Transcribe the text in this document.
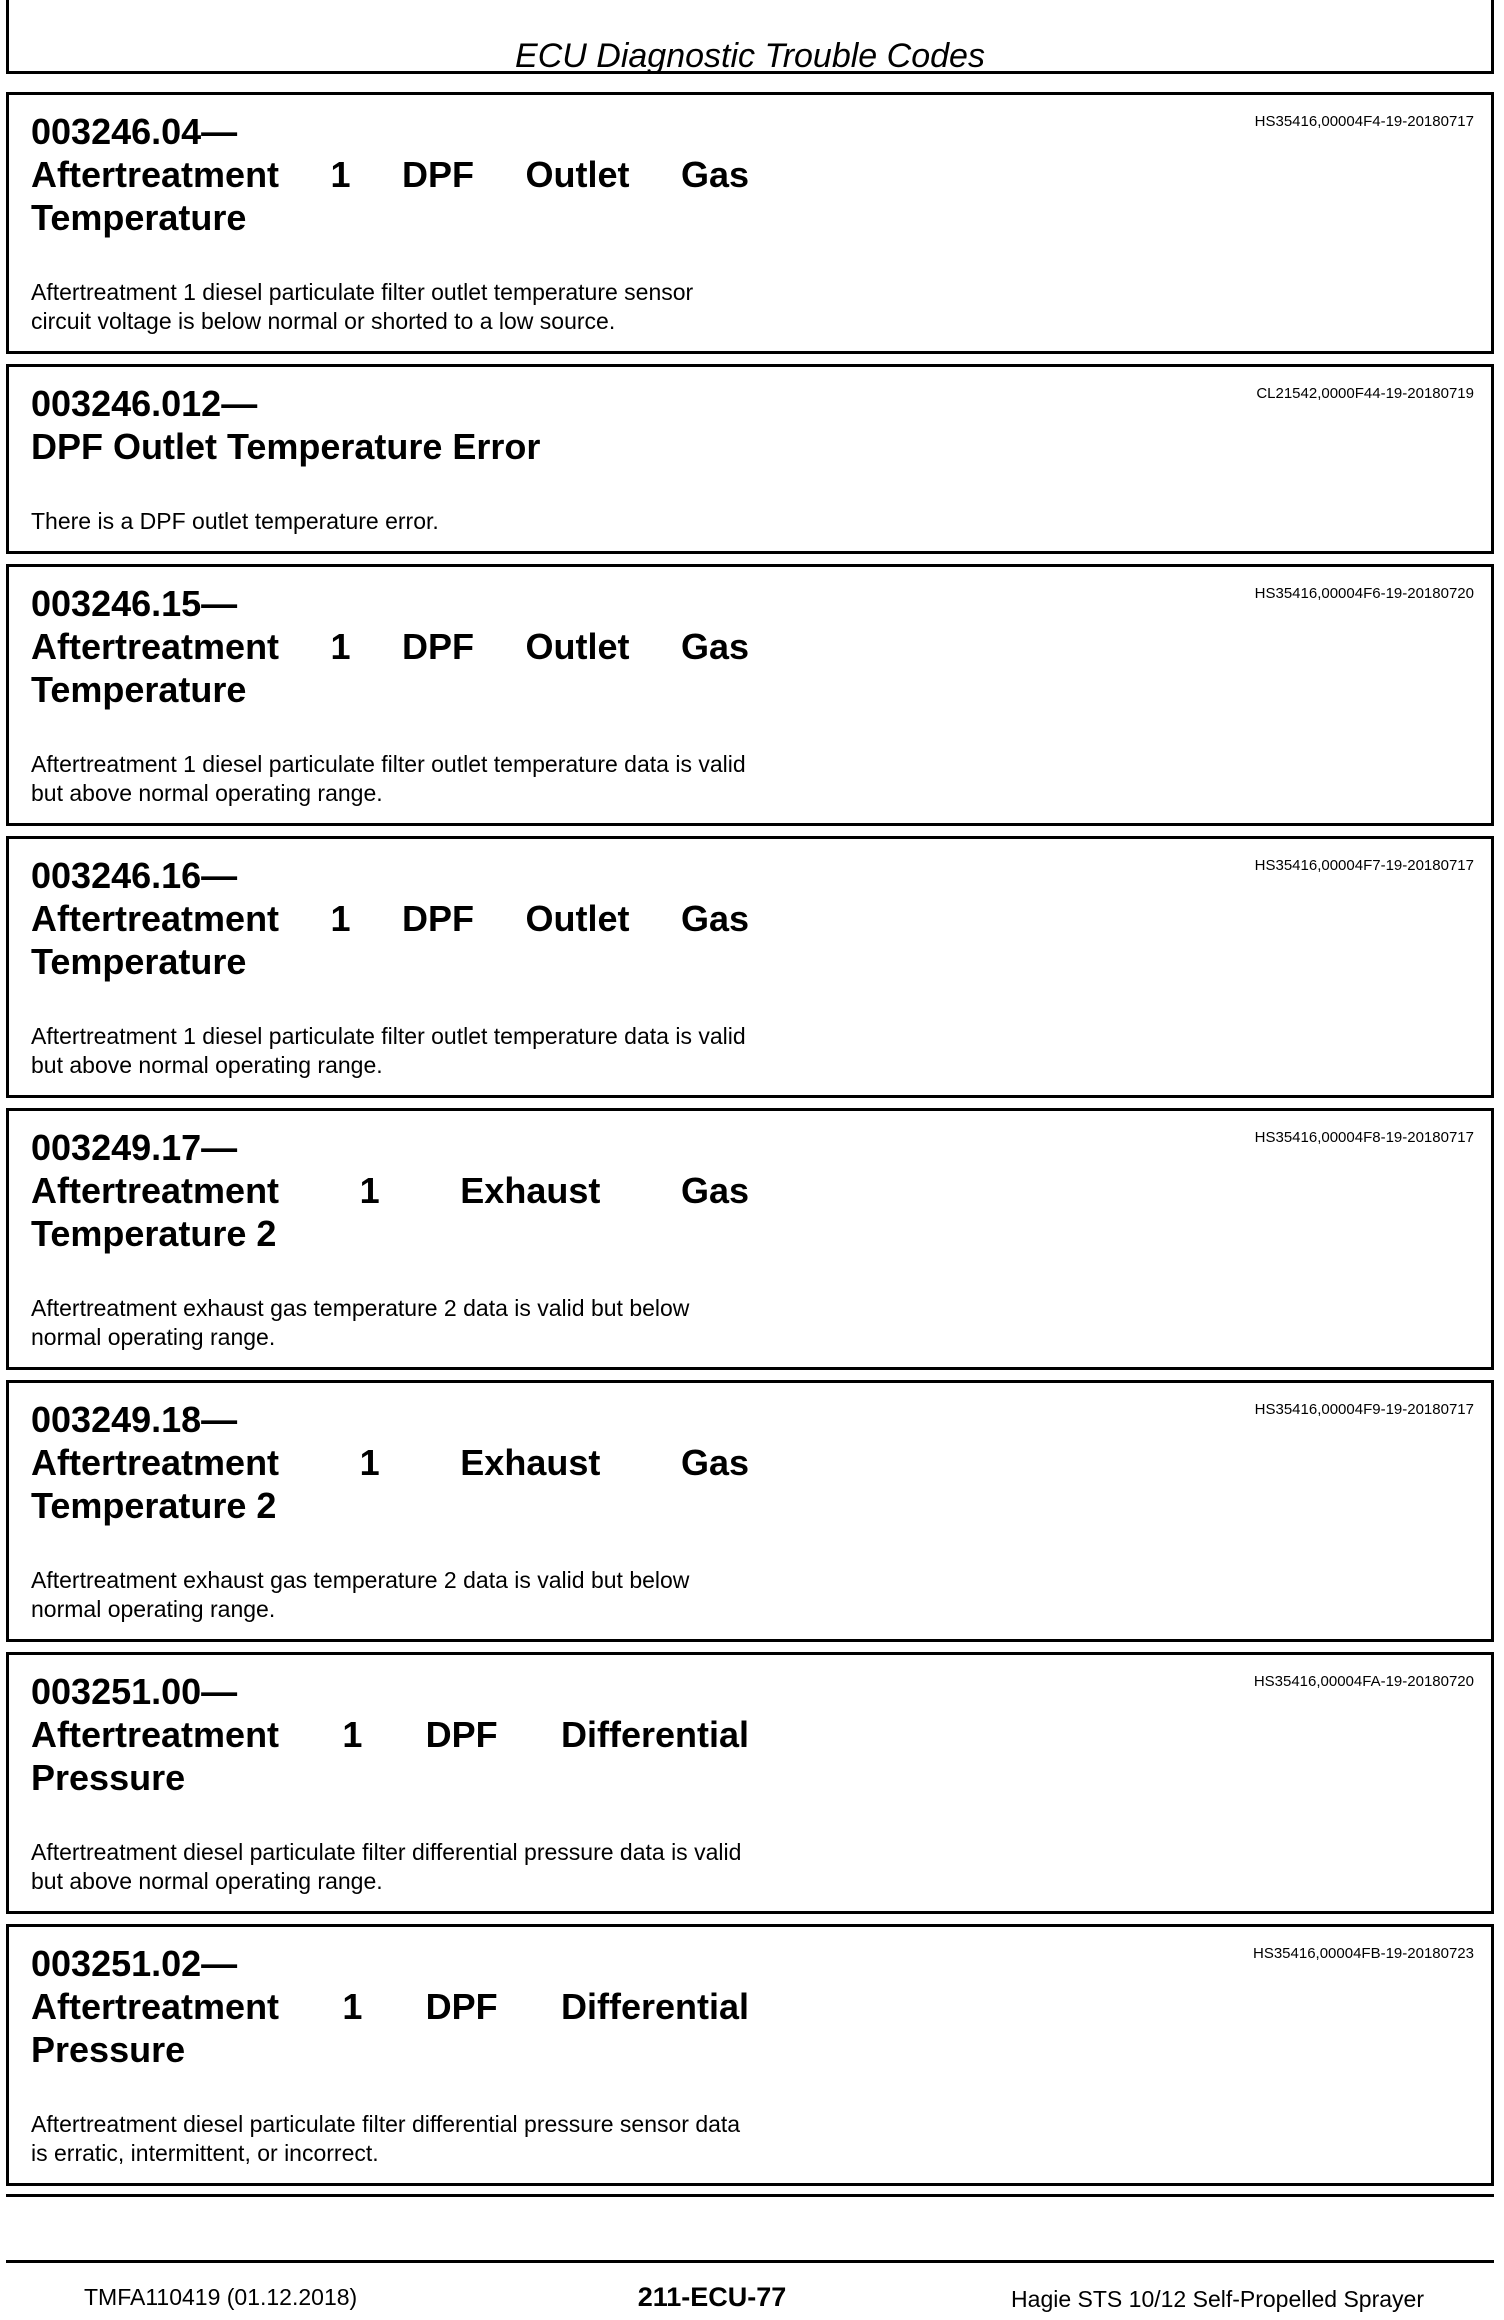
ECU Diagnostic Trouble Codes
003246.04—
Aftertreatment 1 DPF Outlet Gas Temperature
HS35416,00004F4-19-20180717
Aftertreatment 1 diesel particulate filter outlet temperature sensor circuit voltage is below normal or shorted to a low source.
003246.012—
DPF Outlet Temperature Error
CL21542,0000F44-19-20180719
There is a DPF outlet temperature error.
003246.15—
Aftertreatment 1 DPF Outlet Gas Temperature
HS35416,00004F6-19-20180720
Aftertreatment 1 diesel particulate filter outlet temperature data is valid but above normal operating range.
003246.16—
Aftertreatment 1 DPF Outlet Gas Temperature
HS35416,00004F7-19-20180717
Aftertreatment 1 diesel particulate filter outlet temperature data is valid but above normal operating range.
003249.17—
Aftertreatment 1 Exhaust Gas Temperature 2
HS35416,00004F8-19-20180717
Aftertreatment exhaust gas temperature 2 data is valid but below normal operating range.
003249.18—
Aftertreatment 1 Exhaust Gas Temperature 2
HS35416,00004F9-19-20180717
Aftertreatment exhaust gas temperature 2 data is valid but below normal operating range.
003251.00—
Aftertreatment 1 DPF Differential Pressure
HS35416,00004FA-19-20180720
Aftertreatment diesel particulate filter differential pressure data is valid but above normal operating range.
003251.02—
Aftertreatment 1 DPF Differential Pressure
HS35416,00004FB-19-20180723
Aftertreatment diesel particulate filter differential pressure sensor data is erratic, intermittent, or incorrect.
TMFA110419 (01.12.2018)	211-ECU-77	Hagie STS 10/12 Self-Propelled Sprayer
